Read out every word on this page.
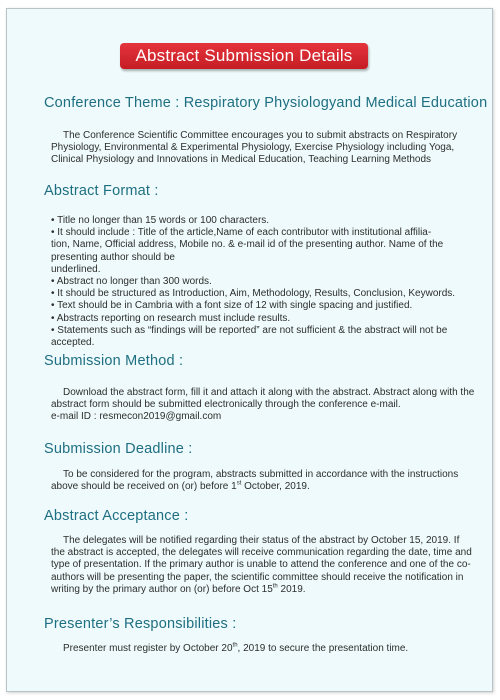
Abstract Submission Details
Conference Theme : Respiratory Physiologyand Medical Education

The Conference Scientific Committee encourages you to submit abstracts on Respiratory Physiology, Environmental & Experimental Physiology, Exercise Physiology including Yoga, Clinical Physiology and Innovations in Medical Education, Teaching Learning Methods

Abstract Format :
• Title no longer than 15 words or 100 characters.
• It should include : Title of the article,Name of each contributor with institutional affilia-
tion, Name, Official address, Mobile no. & e-mail id of the presenting author. Name of the
presenting author should be
underlined.
• Abstract no longer than 300 words.
• It should be structured as Introduction, Aim, Methodology, Results, Conclusion, Keywords.
• Text should be in Cambria with a font size of 12 with single spacing and justified.
• Abstracts reporting on research must include results.
• Statements such as “findings will be reported” are not sufficient & the abstract will not be
accepted.
Submission Method :
Download the abstract form, fill it and attach it along with the abstract. Abstract along with the abstract form should be submitted electronically through the conference e-mail.
e-mail ID : resmecon2019@gmail.com
Submission Deadline :

To be considered for the program, abstracts submitted in accordance with the instructions above should be received on (or) before 1st October, 2019.

Abstract Acceptance :

The delegates will be notified regarding their status of the abstract by October 15, 2019. If the abstract is accepted, the delegates will receive communication regarding the date, time and type of presentation. If the primary author is unable to attend the conference and one of the co-authors will be presenting the paper, the scientific committee should receive the notification in writing by the primary author on (or) before Oct 15th 2019.

Presenter’s Responsibilities :

Presenter must register by October 20th, 2019 to secure the presentation time.
